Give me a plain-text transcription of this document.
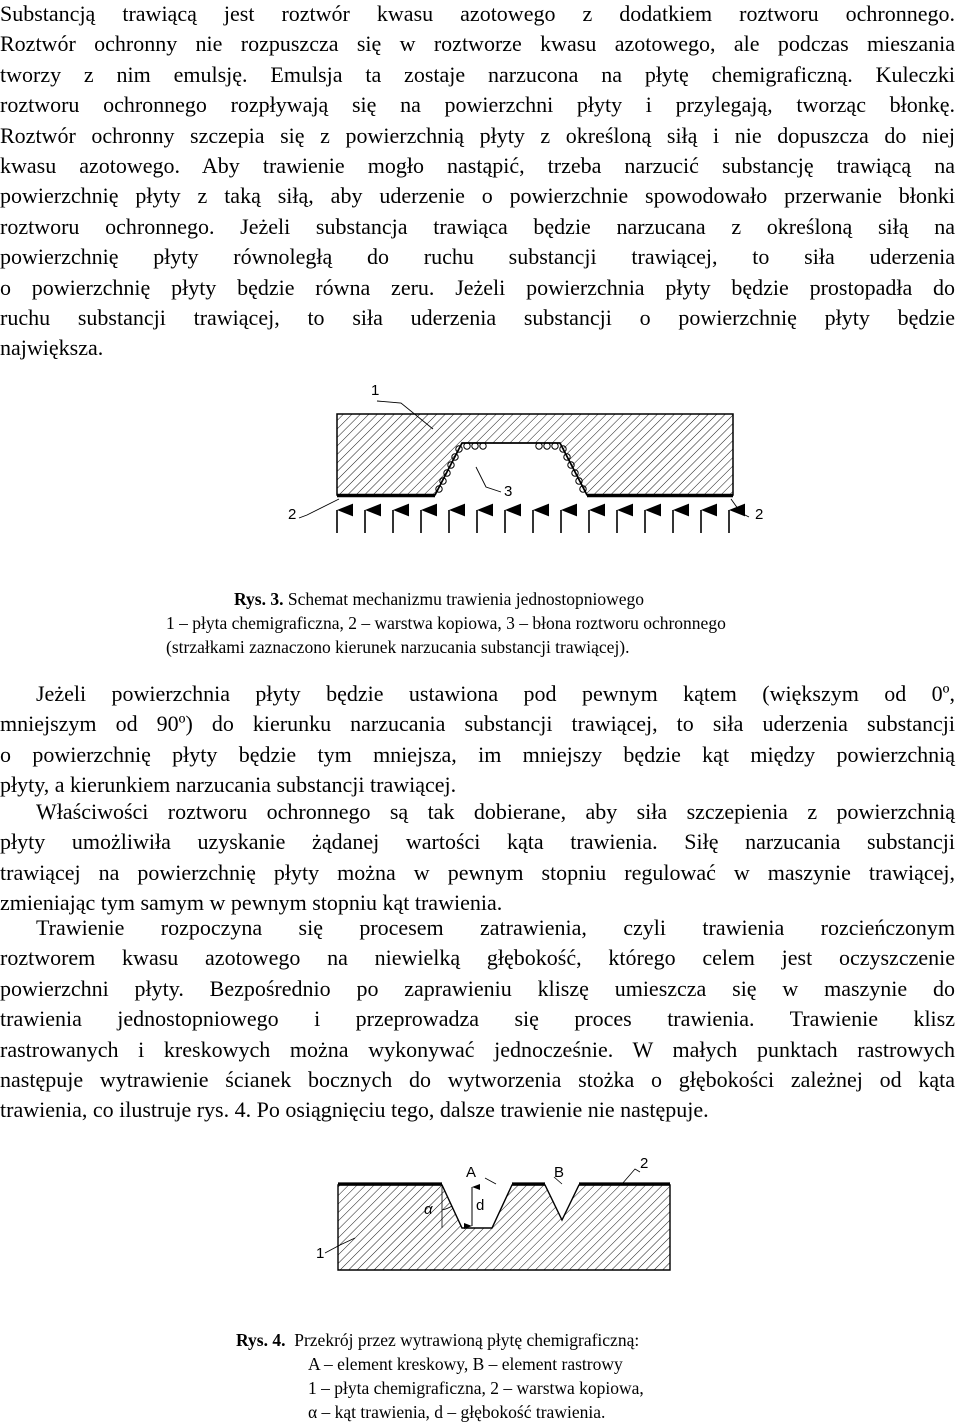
Substancją trawiącą jest roztwór kwasu azotowego z dodatkiem roztworu ochronnego.
Roztwór ochronny nie rozpuszcza się w roztworze kwasu azotowego, ale podczas mieszania
tworzy z nim emulsję. Emulsja ta zostaje narzucona na płytę chemigraficzną. Kuleczki
roztworu ochronnego rozpływają się na powierzchni płyty i przylegają, tworząc błonkę.
Roztwór ochronny szczepia się z powierzchnią płyty z określoną siłą i nie dopuszcza do niej
kwasu azotowego. Aby trawienie mogło nastąpić, trzeba narzucić substancję trawiącą na
powierzchnię płyty z taką siłą, aby uderzenie o powierzchnie spowodowało przerwanie błonki
roztworu ochronnego. Jeżeli substancja trawiąca będzie narzucana z określoną siłą na
powierzchnię płyty równoległą do ruchu substancji trawiącej, to siła uderzenia
o powierzchnię płyty będzie równa zeru. Jeżeli powierzchnia płyty będzie prostopadła do
ruchu substancji trawiącej, to siła uderzenia substancji o powierzchnię płyty będzie
największa.
1
2	2
3
Rys. 3. Schemat mechanizmu trawienia jednostopniowego
1 – płyta chemigraficzna, 2 – warstwa kopiowa, 3 – błona roztworu ochronnego
(strzałkami zaznaczono kierunek narzucania substancji trawiącej).
Jeżeli powierzchnia płyty będzie ustawiona pod pewnym kątem (większym od 0º,
mniejszym od 90º) do kierunku narzucania substancji trawiącej, to siła uderzenia substancji
o powierzchnię płyty będzie tym mniejsza, im mniejszy będzie kąt między powierzchnią
płyty, a kierunkiem narzucania substancji trawiącej.
Właściwości roztworu ochronnego są tak dobierane, aby siła szczepienia z powierzchnią
płyty umożliwiła uzyskanie żądanej wartości kąta trawienia. Siłę narzucania substancji
trawiącej na powierzchnię płyty można w pewnym stopniu regulować w maszynie trawiącej,
zmieniając tym samym w pewnym stopniu kąt trawienia.
Trawienie rozpoczyna się procesem zatrawienia, czyli trawienia rozcieńczonym
roztworem kwasu azotowego na niewielką głębokość, którego celem jest oczyszczenie
powierzchni płyty. Bezpośrednio po zaprawieniu kliszę umieszcza się w maszynie do
trawienia jednostopniowego i przeprowadza się proces trawienia. Trawienie klisz
rastrowanych i kreskowych można wykonywać jednocześnie. W małych punktach rastrowych
następuje wytrawienie ścianek bocznych do wytworzenia stożka o głębokości zależnej od kąta
trawienia, co ilustruje rys. 4. Po osiągnięciu tego, dalsze trawienie nie następuje.
A	B
2
1
d
α
Rys. 4. Przekrój przez wytrawioną płytę chemigraficzną:
A – element kreskowy, B – element rastrowy
1 – płyta chemigraficzna, 2 – warstwa kopiowa,
α – kąt trawienia, d – głębokość trawienia.
